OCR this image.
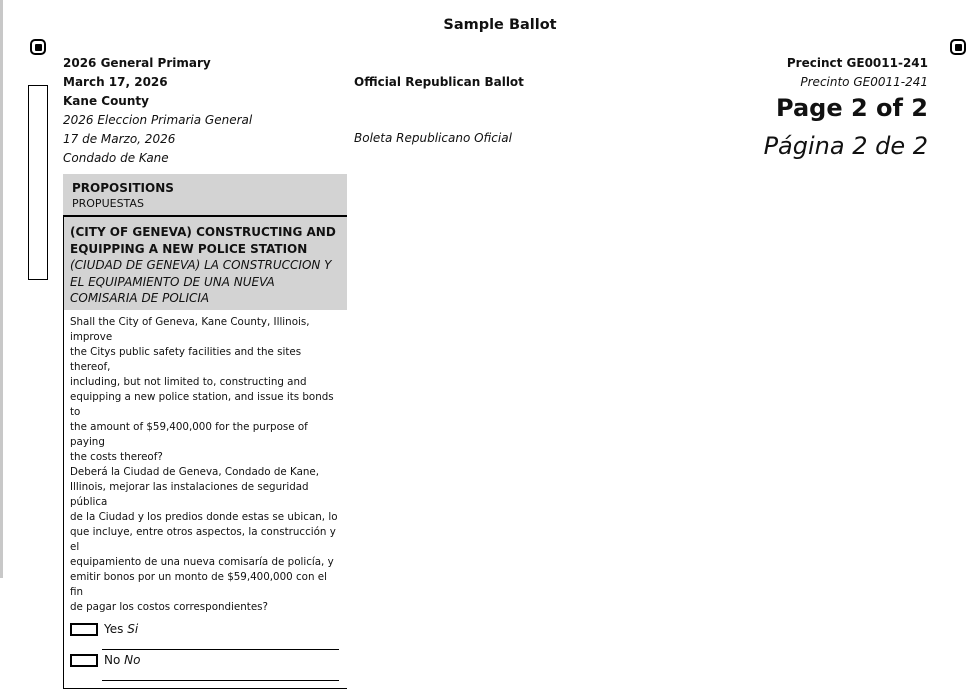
Sample Ballot
2026 General Primary
March 17, 2026
Kane County
2026 Eleccion Primaria General
17 de Marzo, 2026
Condado de Kane
Official Republican Ballot
Boleta Republicano Oficial
Precinct GE0011-241
Precinto GE0011-241
Page 2 of 2
Página 2 de 2
PROPOSITIONS
PROPUESTAS
(CITY OF GENEVA) CONSTRUCTING AND EQUIPPING A NEW POLICE STATION
(CIUDAD DE GENEVA) LA CONSTRUCCION Y EL EQUIPAMIENTO DE UNA NUEVA COMISARIA DE POLICIA
Shall the City of Geneva, Kane County, Illinois, improve
the Citys public safety facilities and the sites thereof,
including, but not limited to, constructing and
equipping a new police station, and issue its bonds to
the amount of $59,400,000 for the purpose of paying
the costs thereof?
Deberá la Ciudad de Geneva, Condado de Kane,
Illinois, mejorar las instalaciones de seguridad pública
de la Ciudad y los predios donde estas se ubican, lo
que incluye, entre otros aspectos, la construcción y el
equipamiento de una nueva comisaría de policía, y
emitir bonos por un monto de $59,400,000 con el fin
de pagar los costos correspondientes?
Yes Si
No No
